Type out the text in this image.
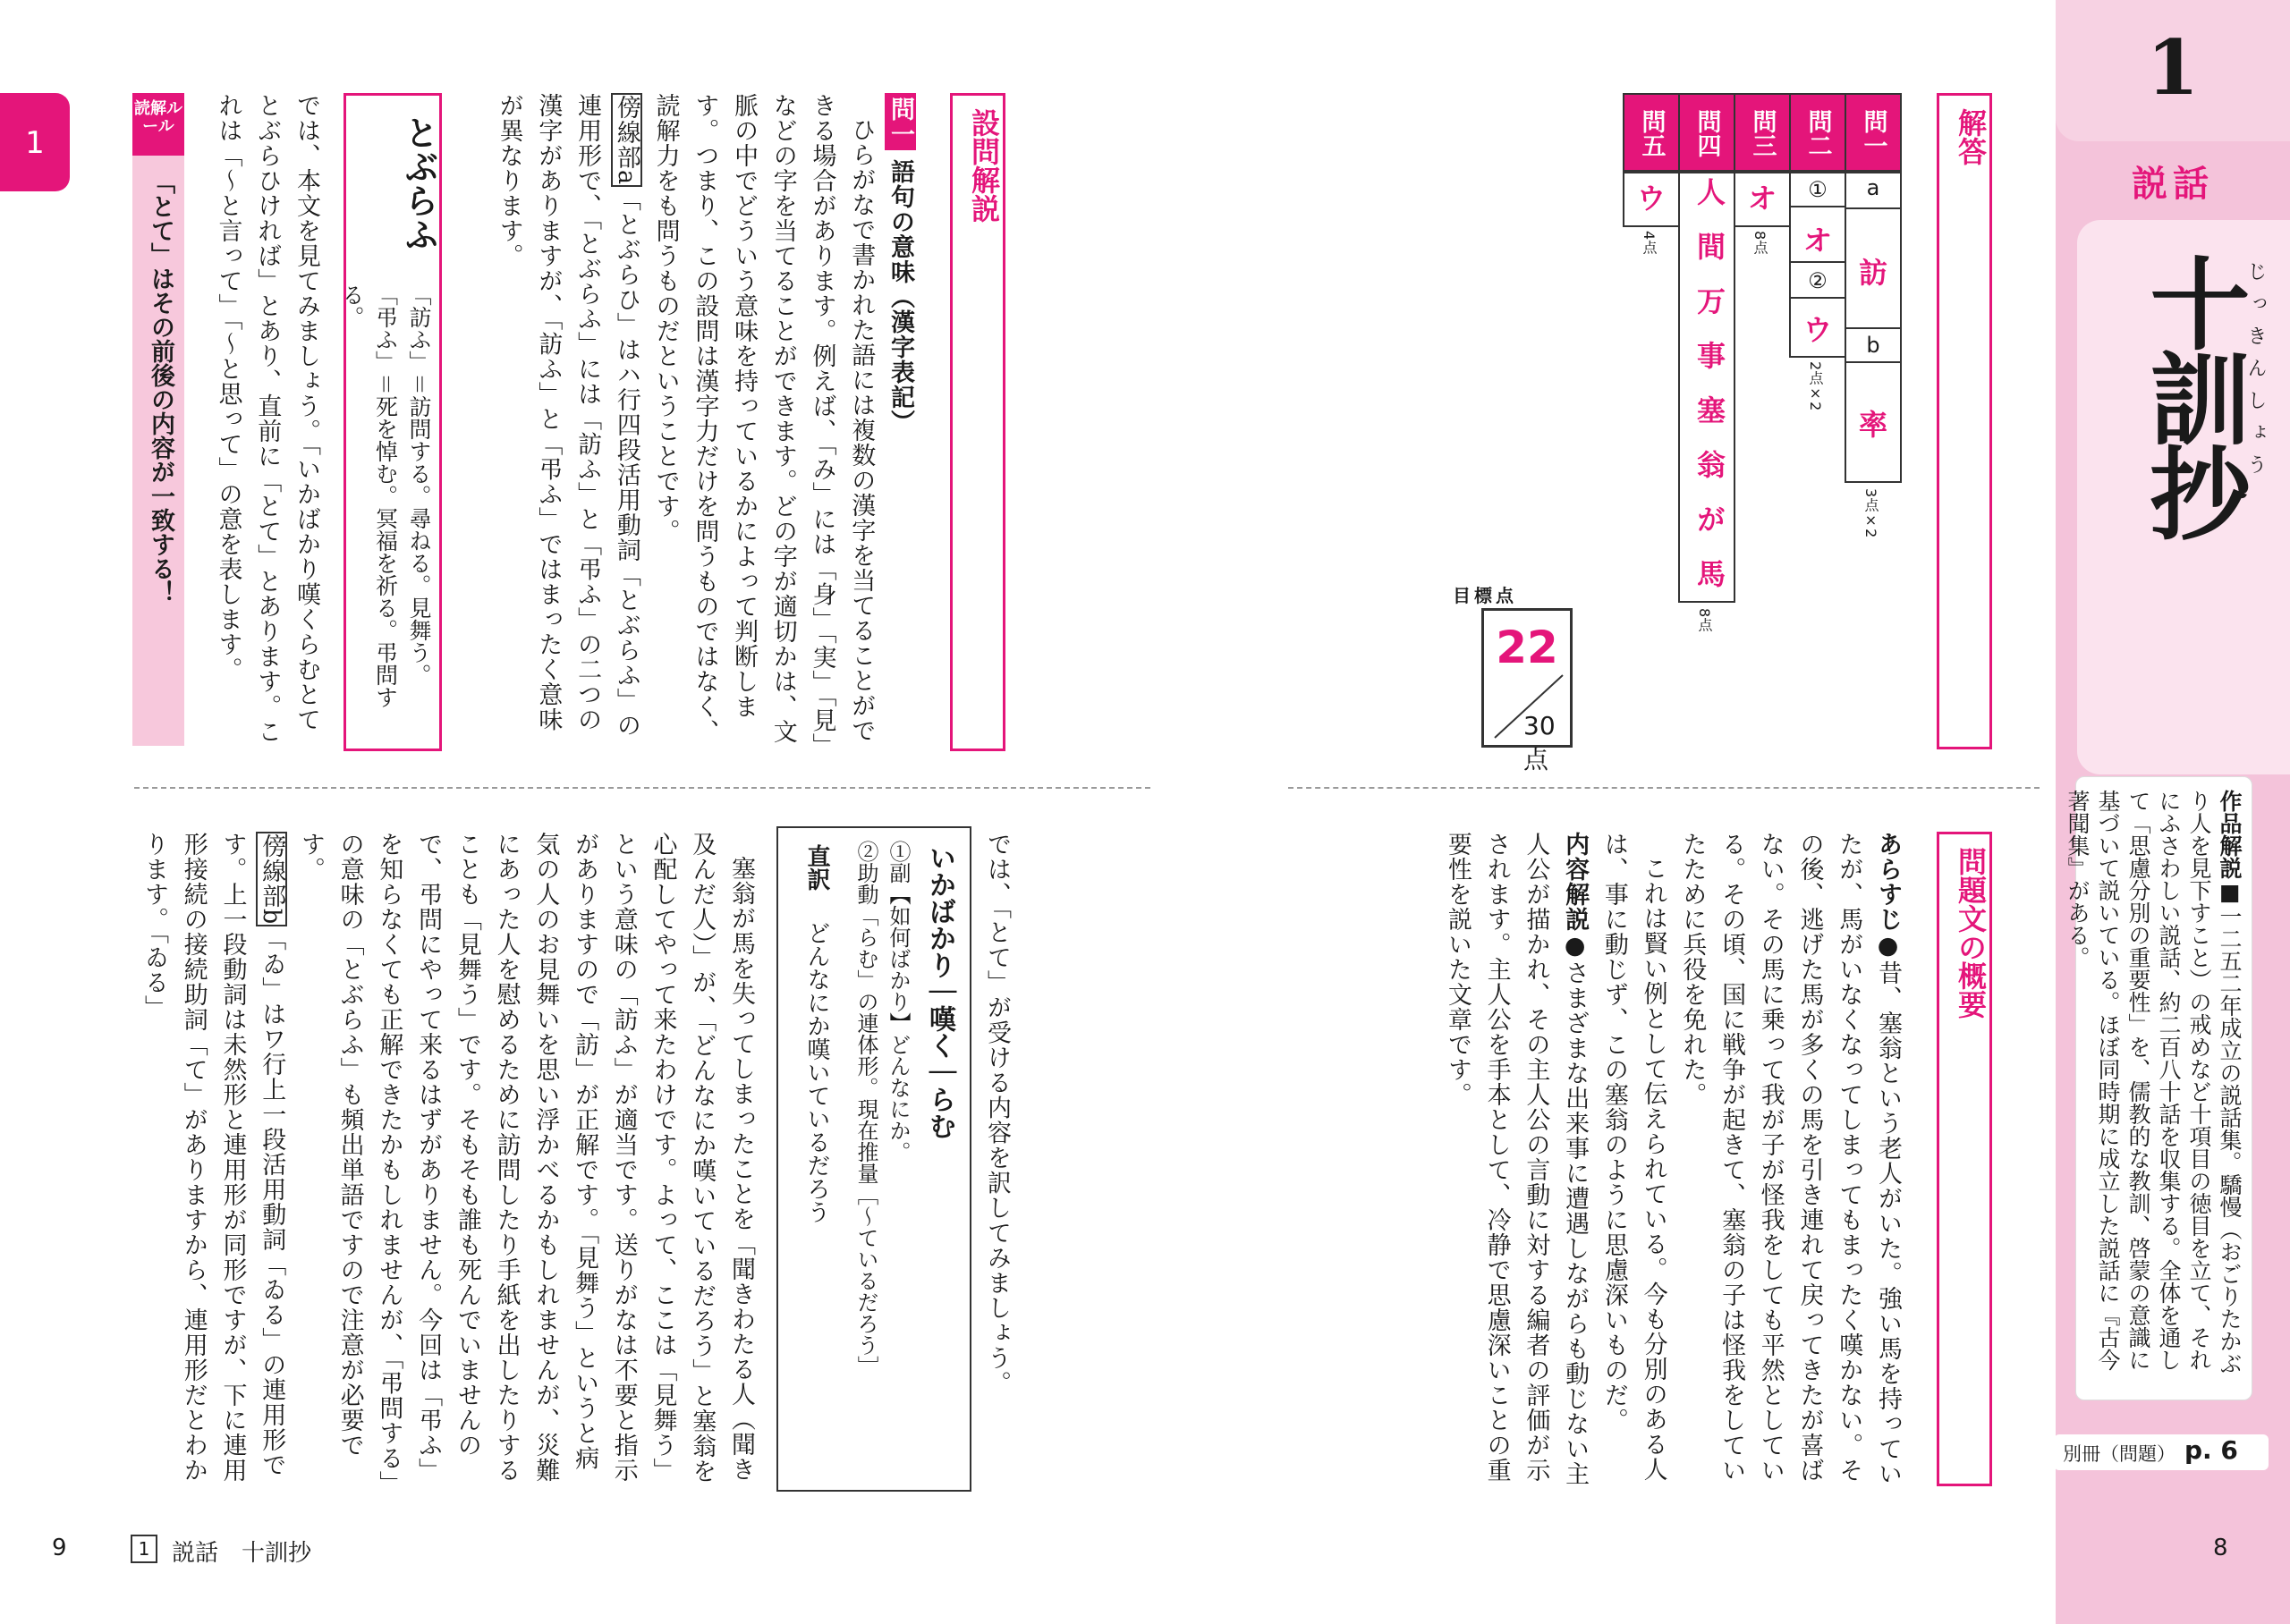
1
説話
十訓抄
じっきんしょう
作品解説■一二五二年成立の説話集。驕慢（おごりたかぶり人を見下すこと）の戒めなど十項目の徳目を立て、それにふさわしい説話、約二百八十話を収集する。全体を通して「思慮分別の重要性」を、儒教的な教訓、啓蒙の意識に基づいて説いている。ほぼ同時期に成立した説話に『古今著聞集』がある。
別冊（問題） p. 6
8
解答
問一
a
訪
b
率
3点×2
問二
①
オ
②
ウ
2点×2
問三
オ
8点
問四
人間万事塞翁が馬
8点
問五
ウ
4点
目標点
22
30点
問題文の概要

あらすじ●昔、塞翁という老人がいた。強い馬を持っていたが、馬がいなくなってしまってもまったく嘆かない。その後、逃げた馬が多くの馬を引き連れて戻ってきたが喜ばない。その馬に乗って我が子が怪我をしても平然としている。その頃、国に戦争が起きて、塞翁の子は怪我をしていたために兵役を免れた。

これは賢い例として伝えられている。今も分別のある人は、事に動じず、この塞翁のように思慮深いものだ。

内容解説●さまざまな出来事に遭遇しながらも動じない主人公が描かれ、その主人公の言動に対する編者の評価が示されます。主人公を手本として、冷静で思慮深いことの重要性を説いた文章です。

1	設問解説

問一 語句の意味（漢字表記）

ひらがなで書かれた語には複数の漢字を当てることができる場合があります。例えば、「み」には「身」「実」「見」などの字を当てることができます。どの字が適切かは、文脈の中でどういう意味を持っているかによって判断します。つまり、この設問は漢字力だけを問うものではなく、読解力をも問うものだということです。

傍線部a「とぶらひ」はハ行四段活用動詞「とぶらふ」の連用形で、「とぶらふ」には「訪ふ」と「弔ふ」の二つの漢字がありますが、「訪ふ」と「弔ふ」ではまったく意味が異なります。

とぶらふ
「訪ふ」＝訪問する。尋ねる。見舞う。
「弔ふ」＝死を悼む。冥福を祈る。弔問する。
では、本文を見てみましょう。「いかばかり嘆くらむとてとぶらひければ」とあり、直前に「とて」とあります。これは「～と言って」「～と思って」の意を表します。
読解ルール
「とて」はその前後の内容が一致する！
では、「とて」が受ける内容を訳してみましょう。
いかばかり｜嘆く｜らむ
①副【如何ばかり】どんなにか。
②助動「らむ」の連体形。現在推量［～ているだろう］
直訳
どんなにか嘆いているだろう

塞翁が馬を失ってしまったことを「聞きわたる人（聞き及んだ人）」が、「どんなにか嘆いているだろう」と塞翁を心配してやって来たわけです。よって、ここは「見舞う」という意味の「訪ふ」が適当です。送りがなは不要と指示がありますので「訪」が正解です。「見舞う」というと病気の人のお見舞いを思い浮かべるかもしれませんが、災難にあった人を慰めるために訪問したり手紙を出したりすることも「見舞う」です。そもそも誰も死んでいませんので、弔問にやって来るはずがありません。今回は「弔ふ」を知らなくても正解できたかもしれませんが、「弔問する」の意味の「とぶらふ」も頻出単語ですので注意が必要です。

傍線部b「ゐ」はワ行上一段活用動詞「ゐる」の連用形です。上一段動詞は未然形と連用形が同形ですが、下に連用形接続の接続助詞「て」がありますから、連用形だとわかります。「ゐる」

9	1 説話　十訓抄
